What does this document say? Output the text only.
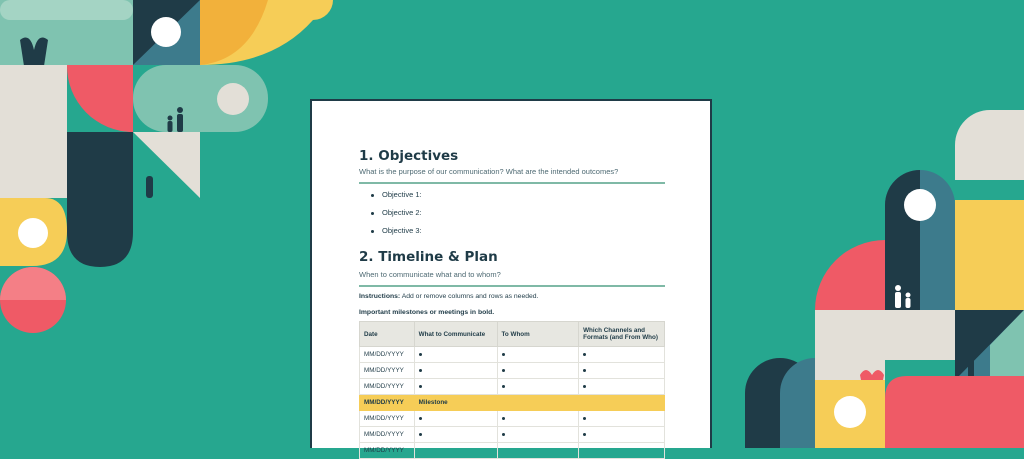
1. Objectives
What is the purpose of our communication? What are the intended outcomes?
Objective 1:
Objective 2:
Objective 3:
2. Timeline & Plan
When to communicate what and to whom?
Instructions: Add or remove columns and rows as needed.
Important milestones or meetings in bold.
Date	What to Communicate	To Whom	Which Channels and Formats (and From Who)
MM/DD/YYYY			
MM/DD/YYYY			
MM/DD/YYYY			
MM/DD/YYYY	Milestone		
MM/DD/YYYY			
MM/DD/YYYY			
MM/DD/YYYY			
